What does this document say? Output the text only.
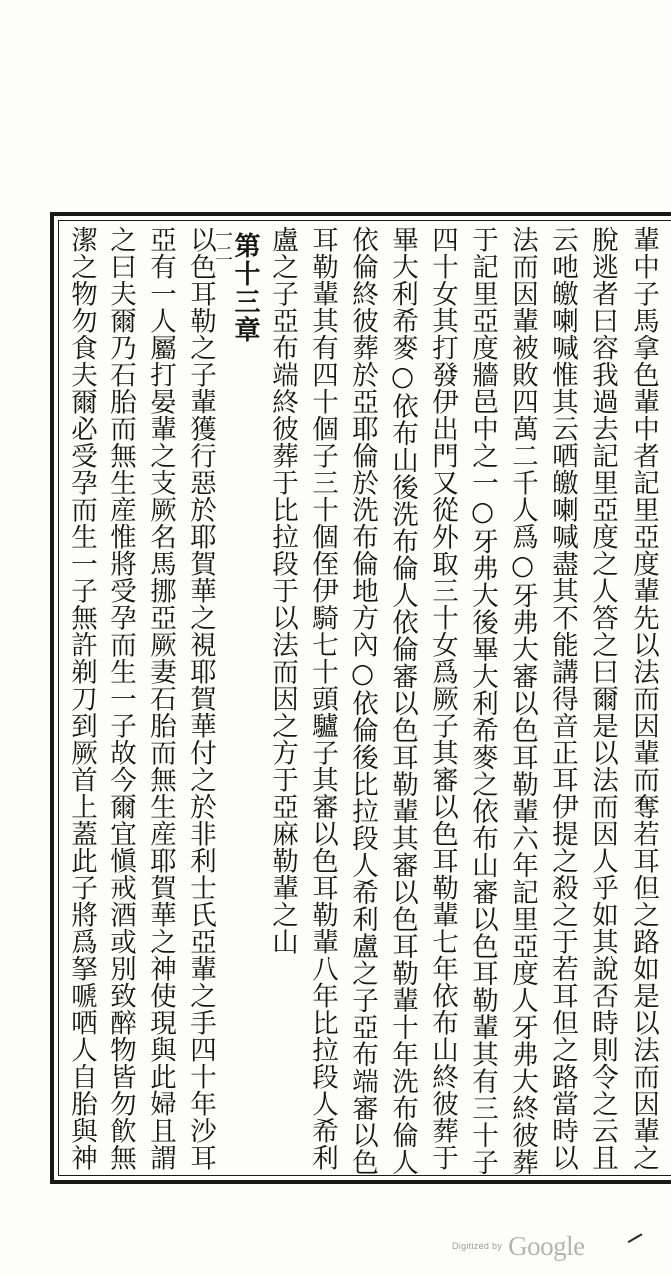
輩中子馬拿色輩中者記里亞度輩先以法而因輩而奪若耳但之路如是以法而因輩之
脫逃者曰容我過去記里亞度之人答之曰爾是以法而因人乎如其說否時則令之云且
云吔皦喇喊惟其云哂皦喇喊盡其不能講得音正耳伊提之殺之于若耳但之路當時以
法而因輩被敗四萬二千人爲○牙弗大審以色耳勒輩六年記里亞度人牙弗大終彼葬
于記里亞度牆邑中之一○牙弗大後畢大利希麥之依布山審以色耳勒輩其有三十子
四十女其打發伊出門又從外取三十女爲厥子其審以色耳勒輩七年依布山終彼葬于
畢大利希麥○依布山後洗布倫人依倫審以色耳勒輩其審以色耳勒輩十年洗布倫人
依倫終彼葬於亞耶倫於洗布倫地方內○依倫後比拉段人希利盧之子亞布端審以色
耳勒輩其有四十個子三十個侄伊騎七十頭驢子其審以色耳勒輩八年比拉段人希利
盧之子亞布端終彼葬于比拉段于以法而因之方于亞麻勒輩之山
第十三章
一二
以色耳勒之子輩獲行惡於耶賀華之視耶賀華付之於非利士氏亞輩之手四十年沙耳
亞有一人屬打晏輩之支厥名馬挪亞厥妻石胎而無生産耶賀華之神使現與此婦且謂
之曰夫爾乃石胎而無生産惟將受孕而生一子故今爾宜愼戒酒或別致醉物皆勿飮無
潔之物勿食夫爾必受孕而生一子無許剃刀到厥首上蓋此子將爲拏嗁哂人自胎與神
Digitized by Google
